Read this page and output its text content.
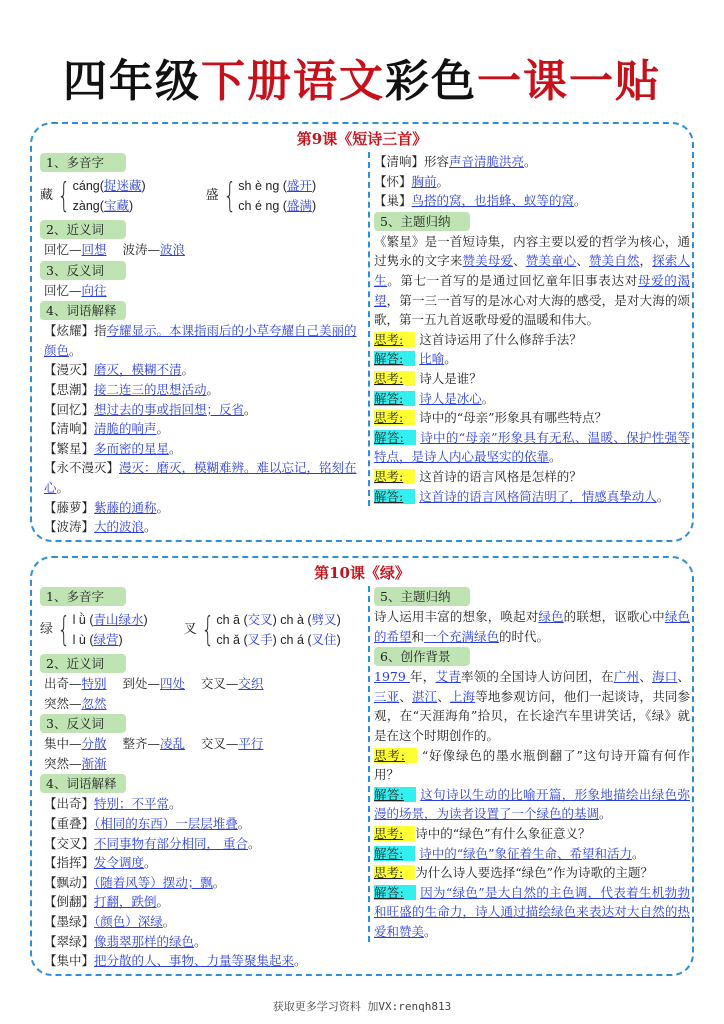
四年级下册语文彩色一课一贴
第9课《短诗三首》
1、多音字
藏 { cáng(捉迷藏)
zàng(宝藏)
盛 { sh è ng (盛开)
ch é ng (盛满)
2、近义词
回忆—回想 波涛—波浪
3、反义词
回忆—向往
4、词语解释
【炫耀】指夸耀显示。本课指雨后的小草夸耀自己美丽的颜色。
【漫灭】磨灭，模糊不清。
【思潮】接二连三的思想活动。
【回忆】想过去的事或指回想；反省。
【清响】清脆的响声。
【繁星】多而密的星星。
【永不漫灭】漫灭：磨灭，模糊难辨。难以忘记，铭刻在心。
【藤萝】紫藤的通称。
【波涛】大的波浪。
【清响】形容声音清脆洪亮。
【怀】胸前。
【巢】鸟搭的窝，也指蜂、蚁等的窝。
5、主题归纳

《繁星》是一首短诗集，内容主要以爱的哲学为核心，通过隽永的文字来赞美母爱、赞美童心、赞美自然，探索人生。第七一首写的是通过回忆童年旧事表达对母爱的渴望，第一三一首写的是冰心对大海的感受，是对大海的颂歌，第一五九首返歌母爱的温暖和伟大。

思考: 这首诗运用了什么修辞手法？
解答: 比喻。
思考: 诗人是谁？
解答: 诗人是冰心。
思考: 诗中的“母亲”形象具有哪些特点？

解答: 诗中的“母亲”形象具有无私、温暖、保护性强等特点，是诗人内心最坚实的依靠。

思考: 这首诗的语言风格是怎样的？

解答: 这首诗的语言风格简洁明了，情感真挚动人。

第10课《绿》
1、多音字
绿 { l ǜ (青山绿水)
l ù (绿营)
叉 { ch ā (交叉) ch à (劈叉)
ch ǎ (叉手) ch á (叉住)
2、近义词
出奇—特别 到处—四处 交叉—交织
突然—忽然
3、反义词
集中—分散 整齐—凌乱 交叉—平行
突然—渐渐
4、词语解释
【出奇】特别；不平常。
【重叠】（相同的东西）一层层堆叠。
【交叉】不同事物有部分相同， 重合。
【指挥】发令调度。
【飘动】（随着风等）摆动；飘。
【倒翻】打翻，跌倒。
【墨绿】（颜色）深绿。
【翠绿】像翡翠那样的绿色。
【集中】把分散的人、事物、力量等聚集起来。
5、主题归纳

诗人运用丰富的想象，唤起对绿色的联想，讴歌心中绿色的希望和一个充满绿色的时代。

6、创作背景

1979 年，艾青率领的全国诗人访问团，在广州、海口、三亚、湛江、上海等地参观访问，他们一起谈诗，共同参观，在“天涯海角”拾贝，在长途汽车里讲笑话，《绿》就是在这个时期创作的。

思考: “好像绿色的墨水瓶倒翻了”这句诗开篇有何作用？

解答: 这句诗以生动的比喻开篇，形象地描绘出绿色弥漫的场景，为读者设置了一个绿色的基调。

思考: 诗中的“绿色”有什么象征意义？

解答: 诗中的“绿色”象征着生命、希望和活力。

思考: 为什么诗人要选择“绿色”作为诗歌的主题？

解答: 因为“绿色”是大自然的主色调，代表着生机勃勃和旺盛的生命力，诗人通过描绘绿色来表达对大自然的热爱和赞美。

获取更多学习资料 加VX:renqh813
